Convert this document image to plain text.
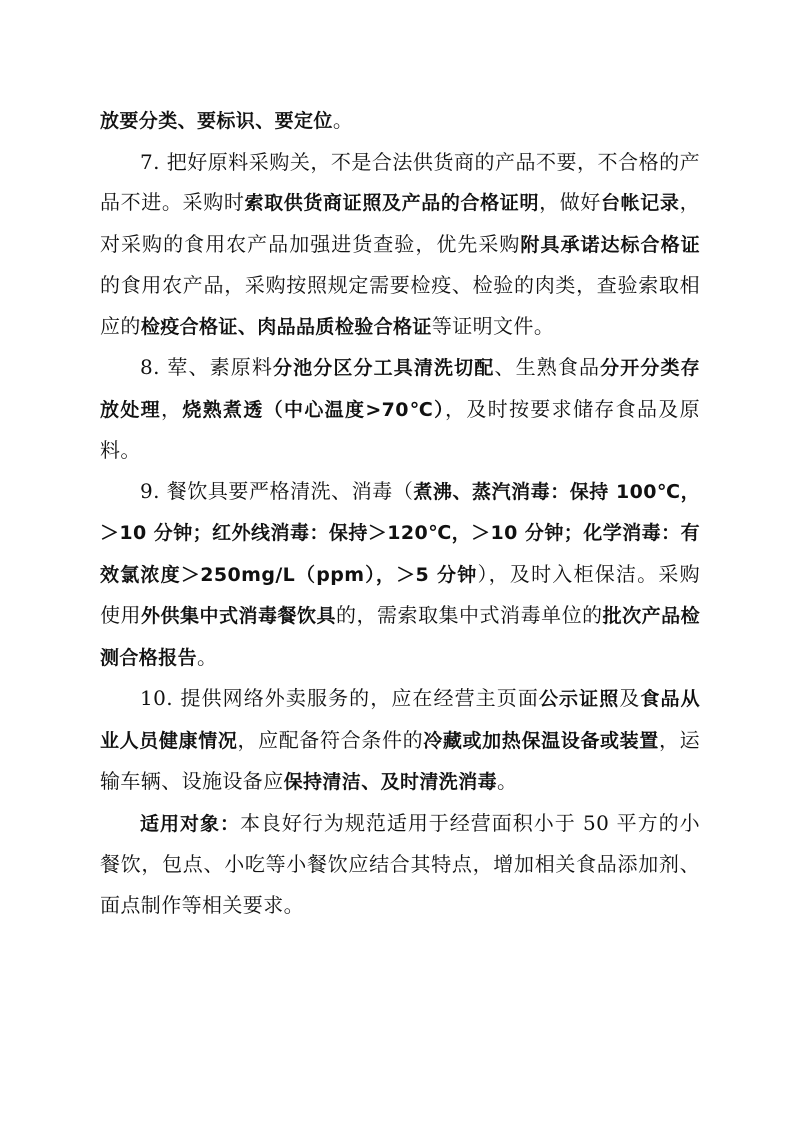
放要分类、要标识、要定位。

7. 把好原料采购关，不是合法供货商的产品不要，不合格的产品不进。采购时索取供货商证照及产品的合格证明，做好台帐记录，对采购的食用农产品加强进货查验，优先采购附具承诺达标合格证的食用农产品，采购按照规定需要检疫、检验的肉类，查验索取相应的检疫合格证、肉品品质检验合格证等证明文件。

8. 荤、素原料分池分区分工具清洗切配、生熟食品分开分类存放处理，烧熟煮透（中心温度>70℃），及时按要求储存食品及原料。

9. 餐饮具要严格清洗、消毒（煮沸、蒸汽消毒：保持 100℃，＞10 分钟；红外线消毒：保持＞120℃，＞10 分钟；化学消毒：有效氯浓度＞250mg/L（ppm），＞5 分钟），及时入柜保洁。采购使用外供集中式消毒餐饮具的，需索取集中式消毒单位的批次产品检测合格报告。

10. 提供网络外卖服务的，应在经营主页面公示证照及食品从业人员健康情况，应配备符合条件的冷藏或加热保温设备或装置，运输车辆、设施设备应保持清洁、及时清洗消毒。

适用对象：本良好行为规范适用于经营面积小于 50 平方的小餐饮，包点、小吃等小餐饮应结合其特点，增加相关食品添加剂、面点制作等相关要求。
